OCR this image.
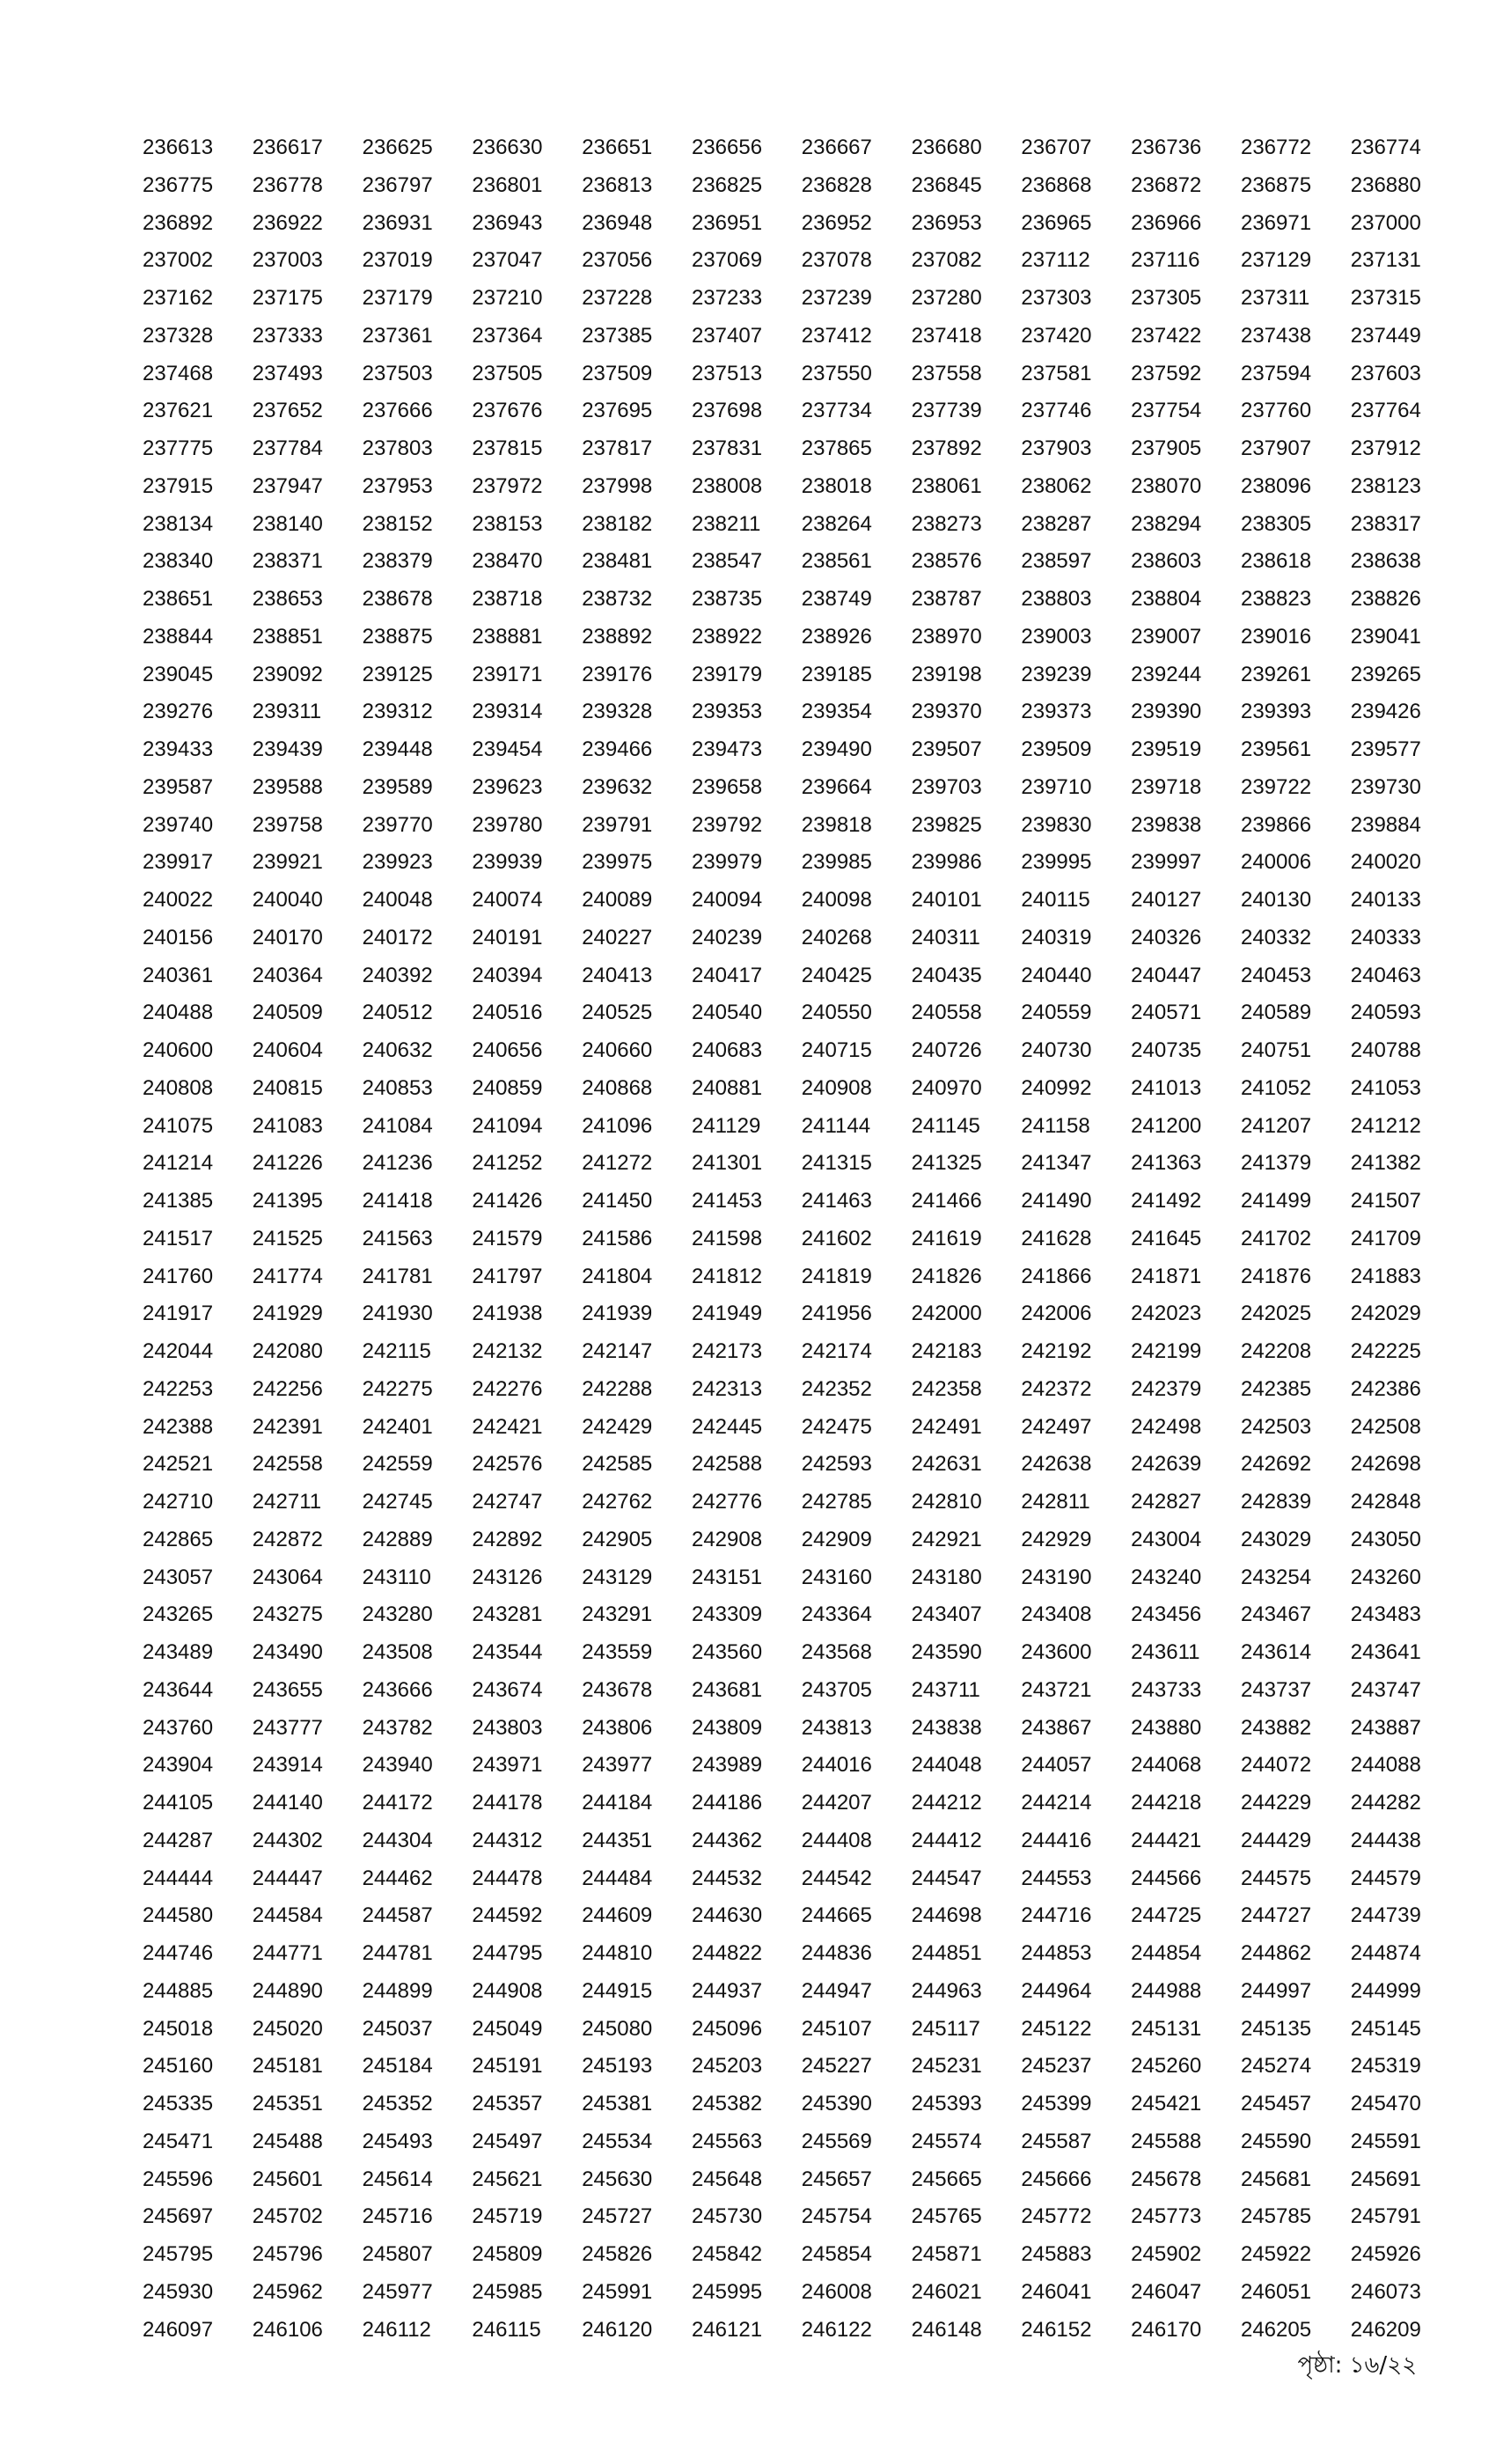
236613	236617	236625	236630	236651	236656	236667	236680	236707	236736	236772	236774
236775	236778	236797	236801	236813	236825	236828	236845	236868	236872	236875	236880
236892	236922	236931	236943	236948	236951	236952	236953	236965	236966	236971	237000
237002	237003	237019	237047	237056	237069	237078	237082	237112	237116	237129	237131
237162	237175	237179	237210	237228	237233	237239	237280	237303	237305	237311	237315
237328	237333	237361	237364	237385	237407	237412	237418	237420	237422	237438	237449
237468	237493	237503	237505	237509	237513	237550	237558	237581	237592	237594	237603
237621	237652	237666	237676	237695	237698	237734	237739	237746	237754	237760	237764
237775	237784	237803	237815	237817	237831	237865	237892	237903	237905	237907	237912
237915	237947	237953	237972	237998	238008	238018	238061	238062	238070	238096	238123
238134	238140	238152	238153	238182	238211	238264	238273	238287	238294	238305	238317
238340	238371	238379	238470	238481	238547	238561	238576	238597	238603	238618	238638
238651	238653	238678	238718	238732	238735	238749	238787	238803	238804	238823	238826
238844	238851	238875	238881	238892	238922	238926	238970	239003	239007	239016	239041
239045	239092	239125	239171	239176	239179	239185	239198	239239	239244	239261	239265
239276	239311	239312	239314	239328	239353	239354	239370	239373	239390	239393	239426
239433	239439	239448	239454	239466	239473	239490	239507	239509	239519	239561	239577
239587	239588	239589	239623	239632	239658	239664	239703	239710	239718	239722	239730
239740	239758	239770	239780	239791	239792	239818	239825	239830	239838	239866	239884
239917	239921	239923	239939	239975	239979	239985	239986	239995	239997	240006	240020
240022	240040	240048	240074	240089	240094	240098	240101	240115	240127	240130	240133
240156	240170	240172	240191	240227	240239	240268	240311	240319	240326	240332	240333
240361	240364	240392	240394	240413	240417	240425	240435	240440	240447	240453	240463
240488	240509	240512	240516	240525	240540	240550	240558	240559	240571	240589	240593
240600	240604	240632	240656	240660	240683	240715	240726	240730	240735	240751	240788
240808	240815	240853	240859	240868	240881	240908	240970	240992	241013	241052	241053
241075	241083	241084	241094	241096	241129	241144	241145	241158	241200	241207	241212
241214	241226	241236	241252	241272	241301	241315	241325	241347	241363	241379	241382
241385	241395	241418	241426	241450	241453	241463	241466	241490	241492	241499	241507
241517	241525	241563	241579	241586	241598	241602	241619	241628	241645	241702	241709
241760	241774	241781	241797	241804	241812	241819	241826	241866	241871	241876	241883
241917	241929	241930	241938	241939	241949	241956	242000	242006	242023	242025	242029
242044	242080	242115	242132	242147	242173	242174	242183	242192	242199	242208	242225
242253	242256	242275	242276	242288	242313	242352	242358	242372	242379	242385	242386
242388	242391	242401	242421	242429	242445	242475	242491	242497	242498	242503	242508
242521	242558	242559	242576	242585	242588	242593	242631	242638	242639	242692	242698
242710	242711	242745	242747	242762	242776	242785	242810	242811	242827	242839	242848
242865	242872	242889	242892	242905	242908	242909	242921	242929	243004	243029	243050
243057	243064	243110	243126	243129	243151	243160	243180	243190	243240	243254	243260
243265	243275	243280	243281	243291	243309	243364	243407	243408	243456	243467	243483
243489	243490	243508	243544	243559	243560	243568	243590	243600	243611	243614	243641
243644	243655	243666	243674	243678	243681	243705	243711	243721	243733	243737	243747
243760	243777	243782	243803	243806	243809	243813	243838	243867	243880	243882	243887
243904	243914	243940	243971	243977	243989	244016	244048	244057	244068	244072	244088
244105	244140	244172	244178	244184	244186	244207	244212	244214	244218	244229	244282
244287	244302	244304	244312	244351	244362	244408	244412	244416	244421	244429	244438
244444	244447	244462	244478	244484	244532	244542	244547	244553	244566	244575	244579
244580	244584	244587	244592	244609	244630	244665	244698	244716	244725	244727	244739
244746	244771	244781	244795	244810	244822	244836	244851	244853	244854	244862	244874
244885	244890	244899	244908	244915	244937	244947	244963	244964	244988	244997	244999
245018	245020	245037	245049	245080	245096	245107	245117	245122	245131	245135	245145
245160	245181	245184	245191	245193	245203	245227	245231	245237	245260	245274	245319
245335	245351	245352	245357	245381	245382	245390	245393	245399	245421	245457	245470
245471	245488	245493	245497	245534	245563	245569	245574	245587	245588	245590	245591
245596	245601	245614	245621	245630	245648	245657	245665	245666	245678	245681	245691
245697	245702	245716	245719	245727	245730	245754	245765	245772	245773	245785	245791
245795	245796	245807	245809	245826	245842	245854	245871	245883	245902	245922	245926
245930	245962	245977	245985	245991	245995	246008	246021	246041	246047	246051	246073
246097	246106	246112	246115	246120	246121	246122	246148	246152	246170	246205	246209
পৃষ্ঠা: ১৬/২২
